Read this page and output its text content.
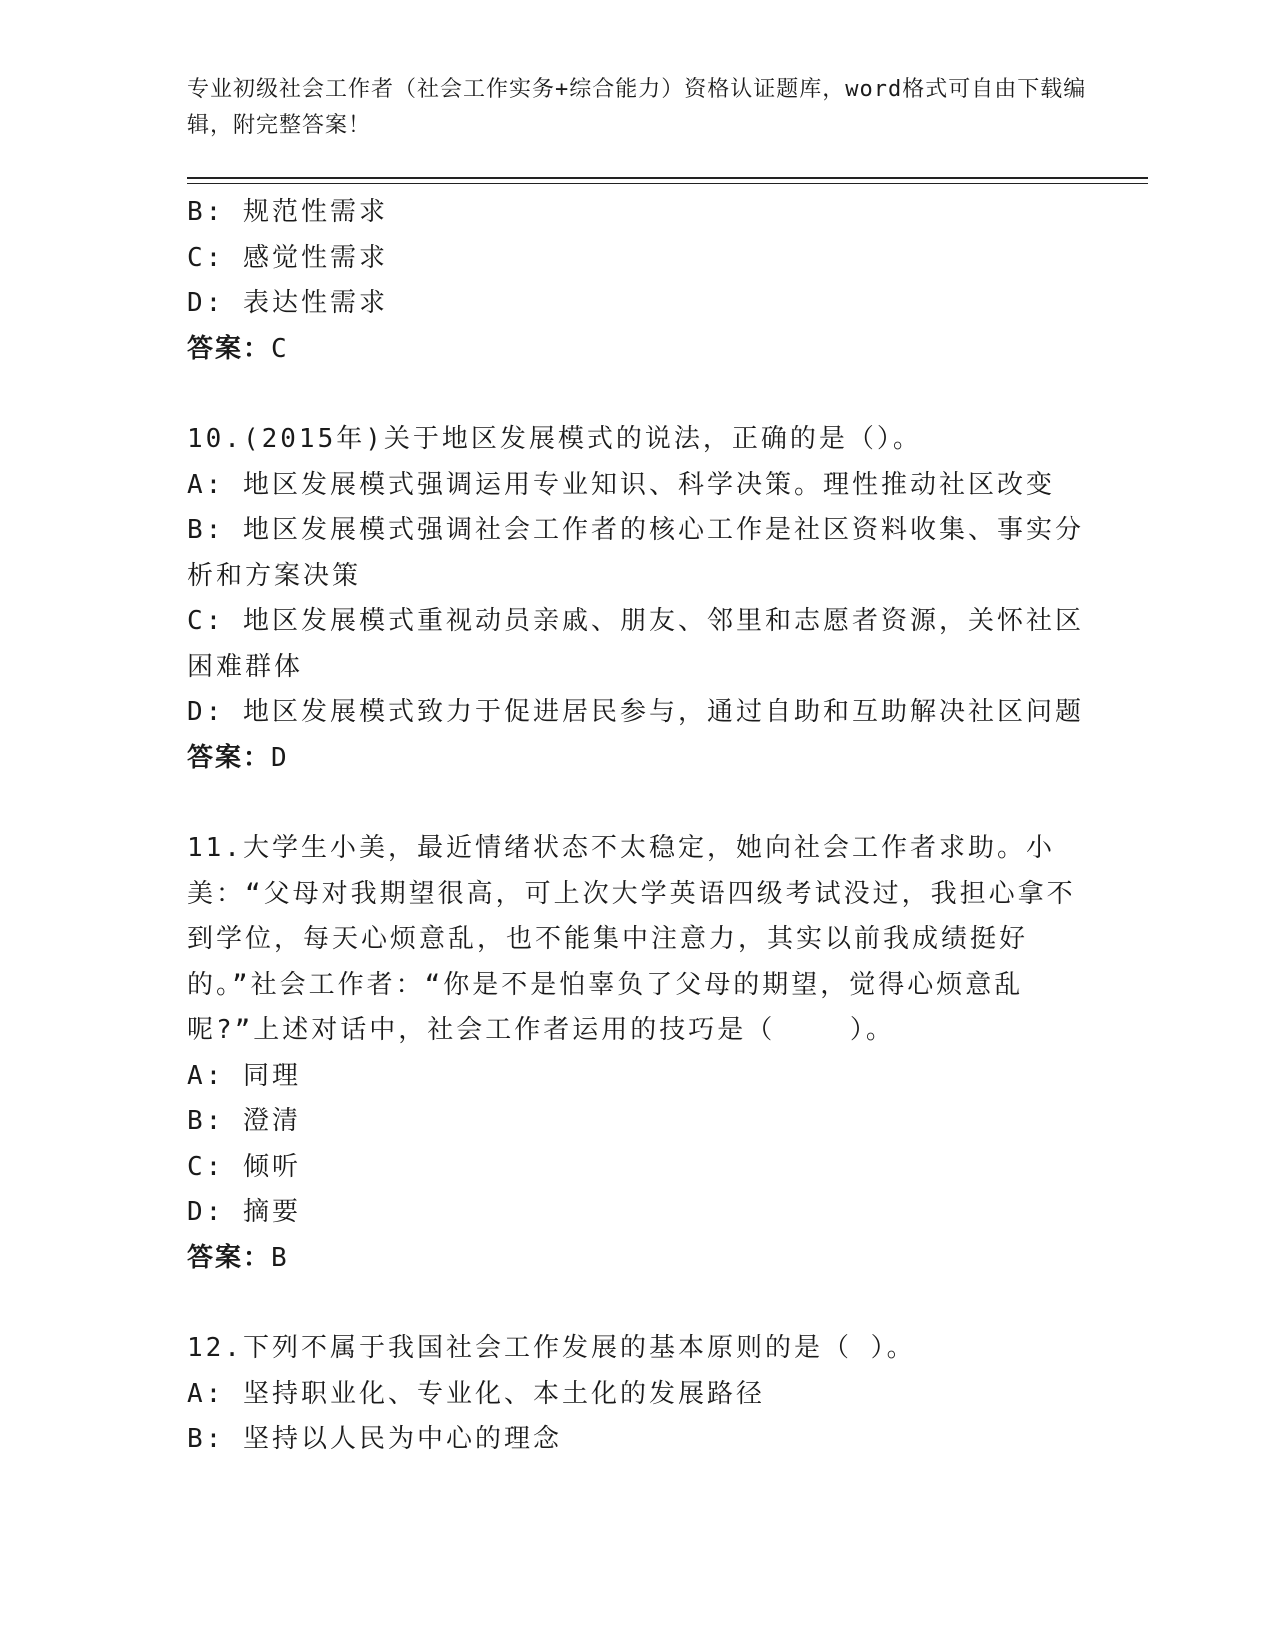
专业初级社会工作者（社会工作实务+综合能力）资格认证题库，word格式可自由下载编辑，附完整答案！
B: 规范性需求
C: 感觉性需求
D: 表达性需求
答案：C
10.(2015年)关于地区发展模式的说法，正确的是（）。
A: 地区发展模式强调运用专业知识、科学决策。理性推动社区改变
B: 地区发展模式强调社会工作者的核心工作是社区资料收集、事实分析和方案决策
C: 地区发展模式重视动员亲戚、朋友、邻里和志愿者资源，关怀社区困难群体
D: 地区发展模式致力于促进居民参与，通过自助和互助解决社区问题
答案：D
11.大学生小美，最近情绪状态不太稳定，她向社会工作者求助。小美：“父母对我期望很高，可上次大学英语四级考试没过，我担心拿不到学位，每天心烦意乱，也不能集中注意力，其实以前我成绩挺好的。”社会工作者：“你是不是怕辜负了父母的期望，觉得心烦意乱呢?”上述对话中，社会工作者运用的技巧是（    ）。
A: 同理
B: 澄清
C: 倾听
D: 摘要
答案：B
12.下列不属于我国社会工作发展的基本原则的是（ ）。
A: 坚持职业化、专业化、本土化的发展路径
B: 坚持以人民为中心的理念
